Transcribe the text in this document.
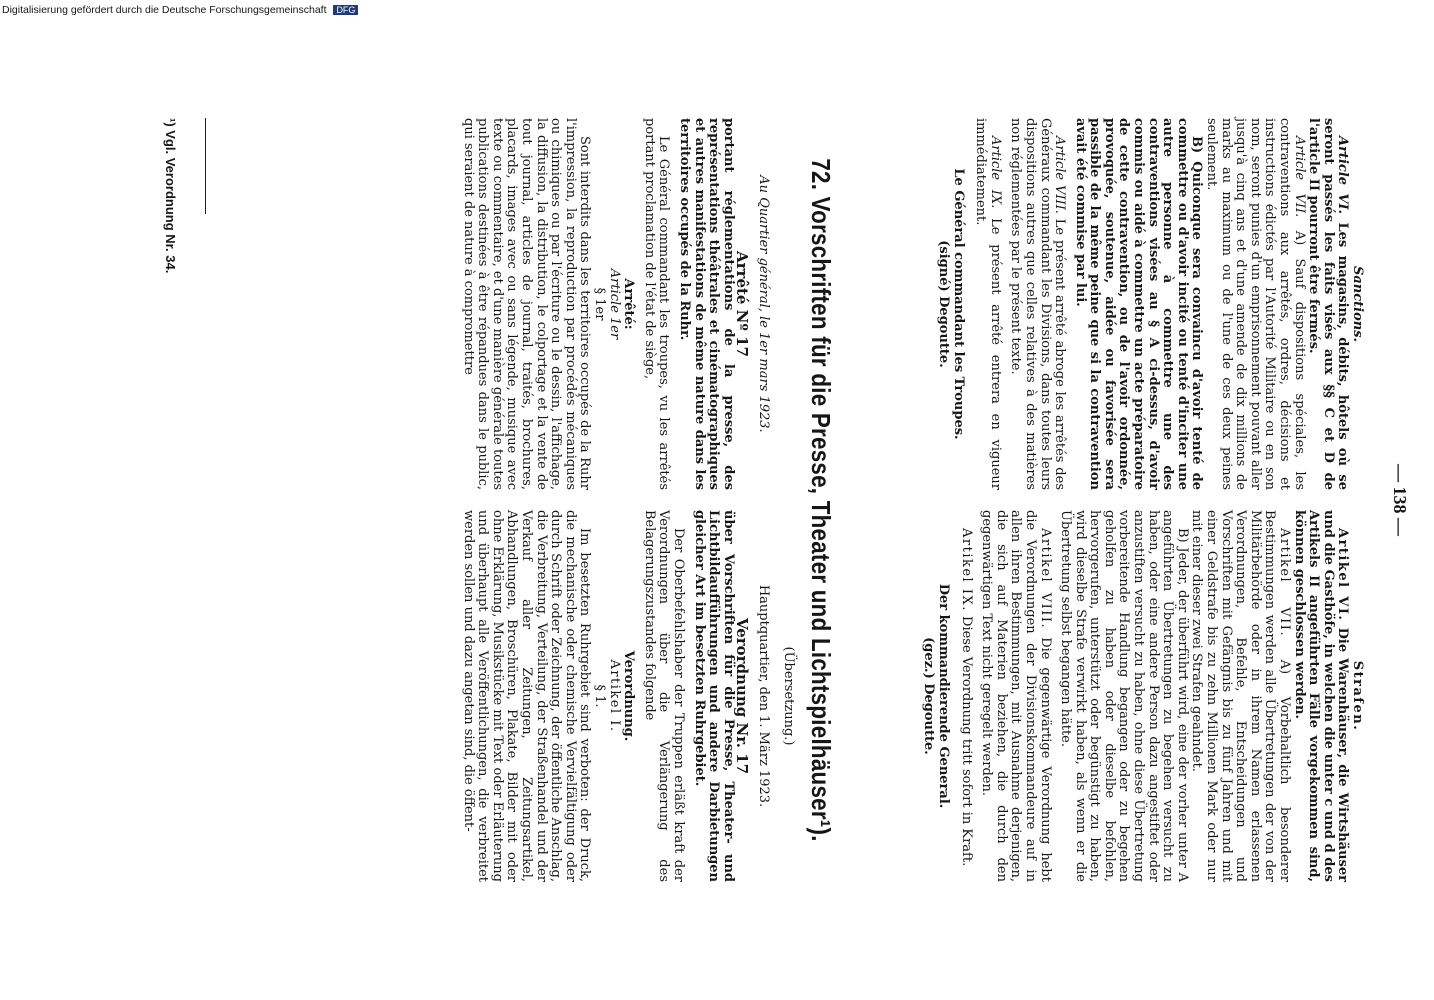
— 138 —

Sanctions.

Article VI. Les magasins, débits, hôtels où se seront passés les faits visés aux §§ C et D de l'article II pourront être fermés.

Article VII. A) Sauf dispositions spéciales, les contraventions aux arrêtés, ordres, décisions et instructions édictés par l'Autorité Militaire ou en son nom, seront punies d'un emprisonnement pouvant aller jusqu'à cinq ans et d'une amende de dix millions de marks au maximum ou de l'une de ces deux peines seulement.

B) Quiconque sera convaincu d'avoir tenté de commettre ou d'avoir incité ou tenté d'inciter une autre personne à commettre une des contraventions visées au § A ci-dessus, d'avoir commis ou aidé à commettre un acte préparatoire de cette contravention, ou de l'avoir ordonnée, provoquée, soutenue, aidée ou favorisée sera passible de la même peine que si la contravention avait été commise par lui.

Article VIII. Le présent arrêté abroge les arrêtés des Généraux commandant les Divisions, dans toutes leurs dispositions autres que celles relatives à des matières non réglementées par le présent texte.

Article IX. Le présent arrêté entrera en vigueur immédiatement.

Le Général commandant les Troupes.

(signé) Degoutte.

Strafen.

Artikel VI. Die Warenhäuser, die Wirtshäuser und die Gasthöfe, in welchen die unter c und d des Artikels II angeführten Fälle vorgekommen sind, können geschlossen werden.

Artikel VII. A) Vorbehaltlich besonderer Bestimmungen werden alle Übertretungen der von der Militärbehörde oder in ihrem Namen erlassenen Verordnungen, Befehle, Entscheidungen und Vorschriften mit Gefängnis bis zu fünf Jahren und mit einer Geldstrafe bis zu zehn Millionen Mark oder nur mit einer dieser zwei Strafen geahndet.

B) Jeder, der überführt wird, eine der vorher unter A angeführten Übertretungen zu begehen versucht zu haben, oder eine andere Person dazu angestiftet oder anzustiften versucht zu haben, ohne diese Übertretung vorbereitende Handlung begangen oder zu begehen geholfen zu haben oder dieselbe befohlen, hervorgerufen, unterstützt oder begünstigt zu haben, wird dieselbe Strafe verwirkt haben, als wenn er die Übertretung selbst begangen hätte.

Artikel VIII. Die gegenwärtige Verordnung hebt die Verordnungen der Divisionskommandeure auf in allen ihren Bestimmungen, mit Ausnahme derjenigen, die sich auf Materien beziehen, die durch den gegenwärtigen Text nicht geregelt werden.

Artikel IX. Diese Verordnung tritt sofort in Kraft.

Der kommandierende General.

(gez.) Degoutte.

72. Vorschriften für die Presse, Theater und Lichtspielhäuser¹).
(Übersetzung.)

Au Quartier général, le 1er mars 1923.

Arrêté Nº 17

portant réglementations de la presse, des représentations théâtrales et cinématographiques et autres manifestations de même nature dans les territoires occupés de la Ruhr.

Le Général commandant les troupes, vu les arrêtés portant proclamation de l'état de siège,

Arrêté:

Article 1er

§ 1er

Sont interdits dans les territoires occupés de la Ruhr l'impression, la reproduction par procédés mécaniques ou chimiques ou par l'écriture ou le dessin, l'affichage, la diffusion, la distribution, le colportage et la vente de tout journal, articles de journal, traités, brochures, placards, images avec ou sans légende, musique avec texte ou commentaire, et d'une manière générale toutes publications destinées à être répandues dans le public, qui seraient de nature à compromettre

Hauptquartier, den 1. März 1923.

Verordnung Nr. 17

über Vorschriften für die Presse, Theater- und Lichtbildaufführungen und andere Darbietungen gleicher Art im besetzten Ruhrgebiet.

Der Oberbefehlshaber der Truppen erläßt kraft der Verordnungen über die Verlängerung des Belagerungszustandes folgende

Verordnung.

Artikel I.

§ 1.

Im besetzten Ruhrgebiet sind verboten: der Druck, die mechanische oder chemische Vervielfältigung oder durch Schrift oder Zeichnung, der öffentliche Anschlag, die Verbreitung, Verteilung, der Straßenhandel und der Verkauf aller Zeitungen, Zeitungsartikel, Abhandlungen, Broschüren, Plakate, Bilder mit oder ohne Erklärung, Musikstücke mit Text oder Erläuterung und überhaupt alle Veröffentlichungen, die verbreitet werden sollen und dazu angetan sind, die öffent-

¹) Vgl. Verordnung Nr. 34.
Digitalisierung gefördert durch die Deutsche Forschungsgemeinschaft DFG
